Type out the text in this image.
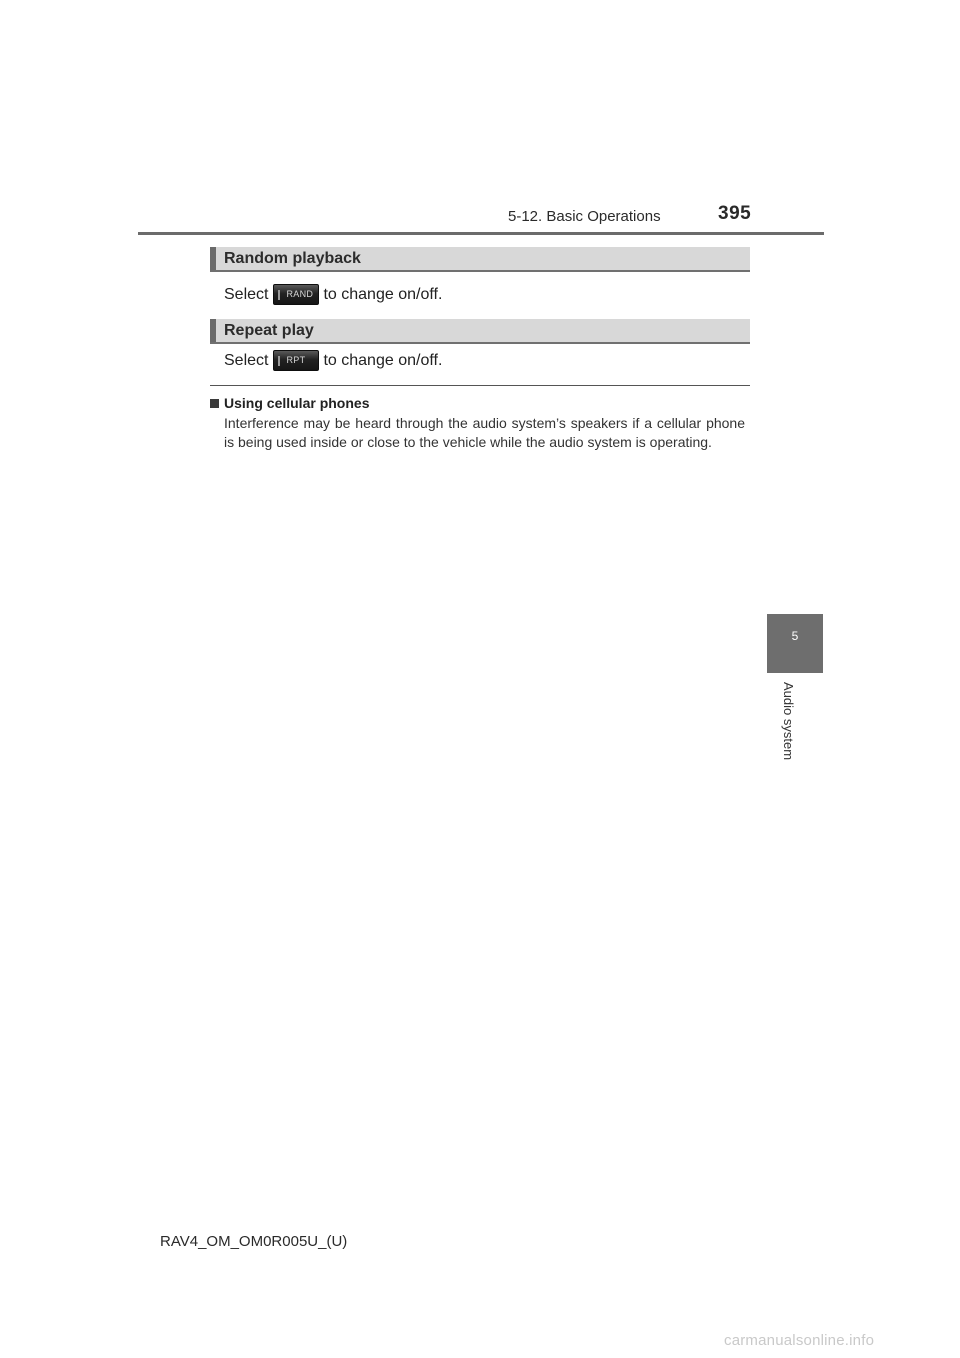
5-12. Basic Operations	395
5
Audio system
Random playback
Select RAND to change on/off.
Repeat play
Select RPT to change on/off.
Using cellular phones
Interference may be heard through the audio system’s speakers if a cellular phone is being used inside or close to the vehicle while the audio system is operating.
RAV4_OM_OM0R005U_(U)
carmanualsonline.info
